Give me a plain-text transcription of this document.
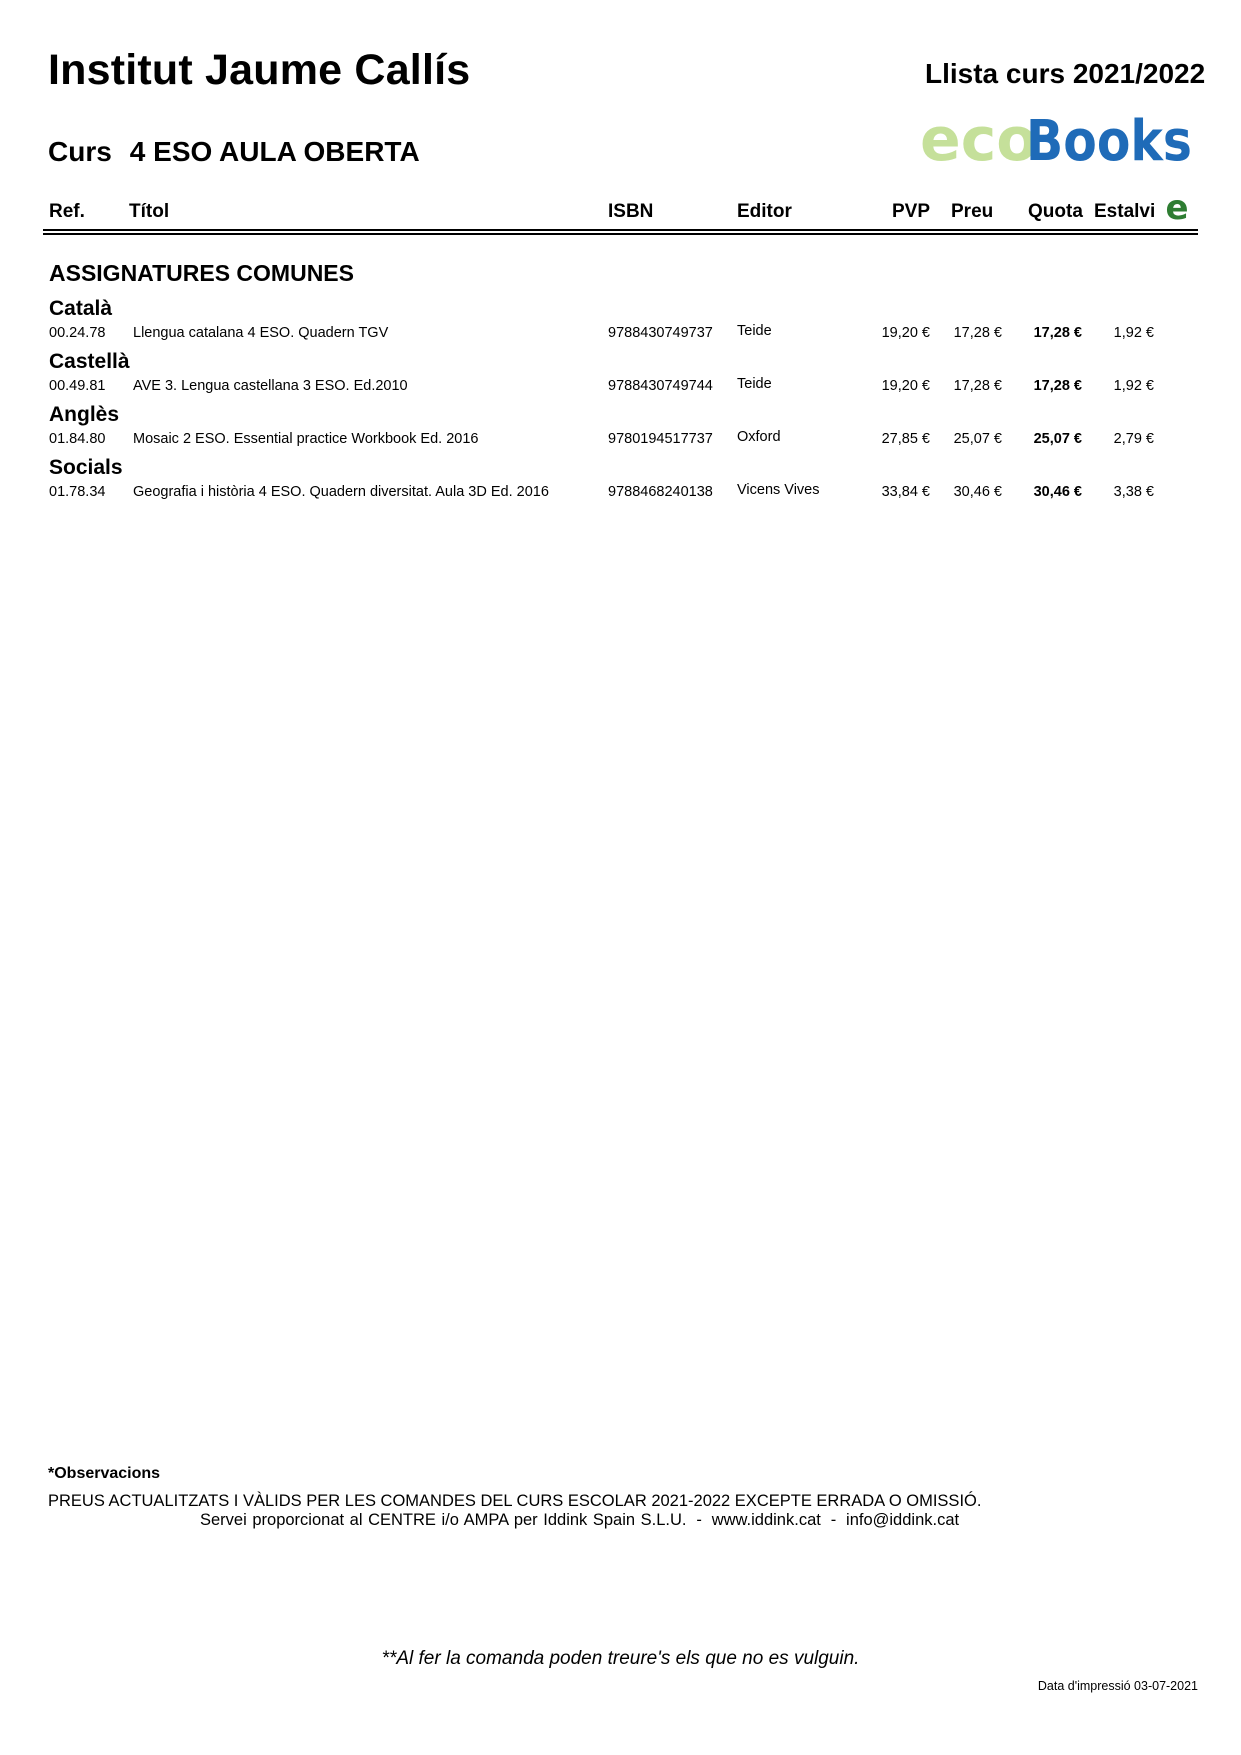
Institut Jaume Callís	Llista curs 2021/2022
Curs 4 ESO AULA OBERTA	eco
Books
Ref. Títol	ISBN	Editor	PVP Preu Quota Estalvi e
ASSIGNATURES COMUNES
Català
00.24.78 Llengua catalana 4 ESO. Quadern TGV	9788430749737 Teide	19,20 €	17,28 €	17,28 €	1,92 €
Castellà
00.49.81 AVE 3. Lengua castellana 3 ESO. Ed.2010	9788430749744 Teide	19,20 €	17,28 €	17,28 €	1,92 €
Anglès
01.84.80 Mosaic 2 ESO. Essential practice Workbook Ed. 2016	9780194517737 Oxford	27,85 €	25,07 €	25,07 €	2,79 €
Socials
01.78.34 Geografia i història 4 ESO. Quadern diversitat. Aula 3D Ed. 2016	9788468240138 Vicens Vives	33,84 €	30,46 €	30,46 €	3,38 €
*Observacions
PREUS ACTUALITZATS I VÀLIDS PER LES COMANDES DEL CURS ESCOLAR 2021-2022 EXCEPTE ERRADA O OMISSIÓ.
Servei proporcionat al CENTRE i/o AMPA per Iddink Spain S.L.U. - www.iddink.cat - info@iddink.cat
**Al fer la comanda poden treure's els que no es vulguin.
Data d'impressió 03-07-2021
